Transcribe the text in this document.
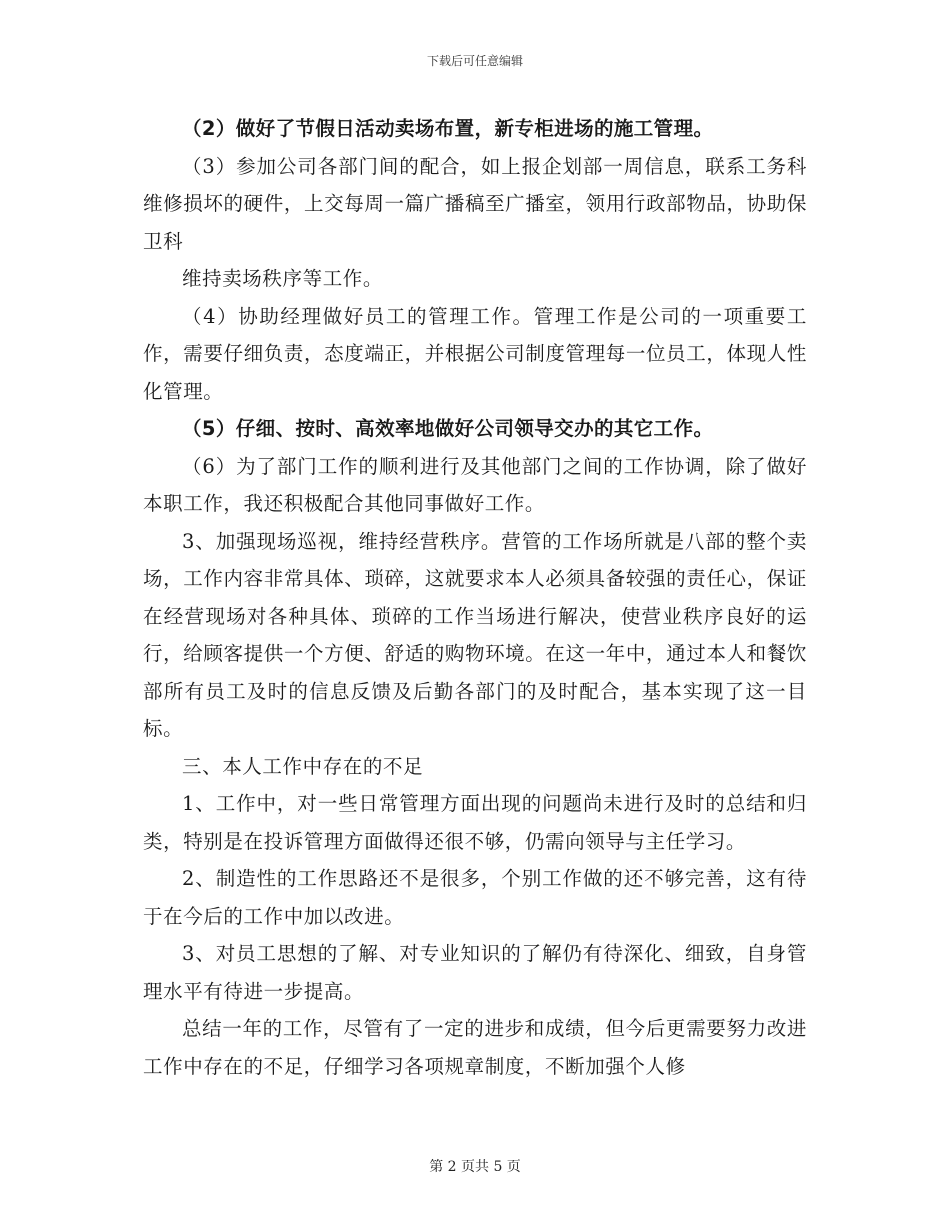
下载后可任意编辑

（2）做好了节假日活动卖场布置，新专柜进场的施工管理。

（3）参加公司各部门间的配合，如上报企划部一周信息，联系工务科维修损坏的硬件，上交每周一篇广播稿至广播室，领用行政部物品，协助保卫科

维持卖场秩序等工作。

（4）协助经理做好员工的管理工作。管理工作是公司的一项重要工作，需要仔细负责，态度端正，并根据公司制度管理每一位员工，体现人性化管理。

（5）仔细、按时、高效率地做好公司领导交办的其它工作。

（6）为了部门工作的顺利进行及其他部门之间的工作协调，除了做好本职工作，我还积极配合其他同事做好工作。

3、加强现场巡视，维持经营秩序。营管的工作场所就是八部的整个卖场，工作内容非常具体、琐碎，这就要求本人必须具备较强的责任心，保证在经营现场对各种具体、琐碎的工作当场进行解决，使营业秩序良好的运行，给顾客提供一个方便、舒适的购物环境。在这一年中，通过本人和餐饮部所有员工及时的信息反馈及后勤各部门的及时配合，基本实现了这一目标。

三、本人工作中存在的不足

1、工作中，对一些日常管理方面出现的问题尚未进行及时的总结和归类，特别是在投诉管理方面做得还很不够，仍需向领导与主任学习。

2、制造性的工作思路还不是很多，个别工作做的还不够完善，这有待于在今后的工作中加以改进。

3、对员工思想的了解、对专业知识的了解仍有待深化、细致，自身管理水平有待进一步提高。

总结一年的工作，尽管有了一定的进步和成绩，但今后更需要努力改进工作中存在的不足，仔细学习各项规章制度，不断加强个人修

第 2 页共 5 页
